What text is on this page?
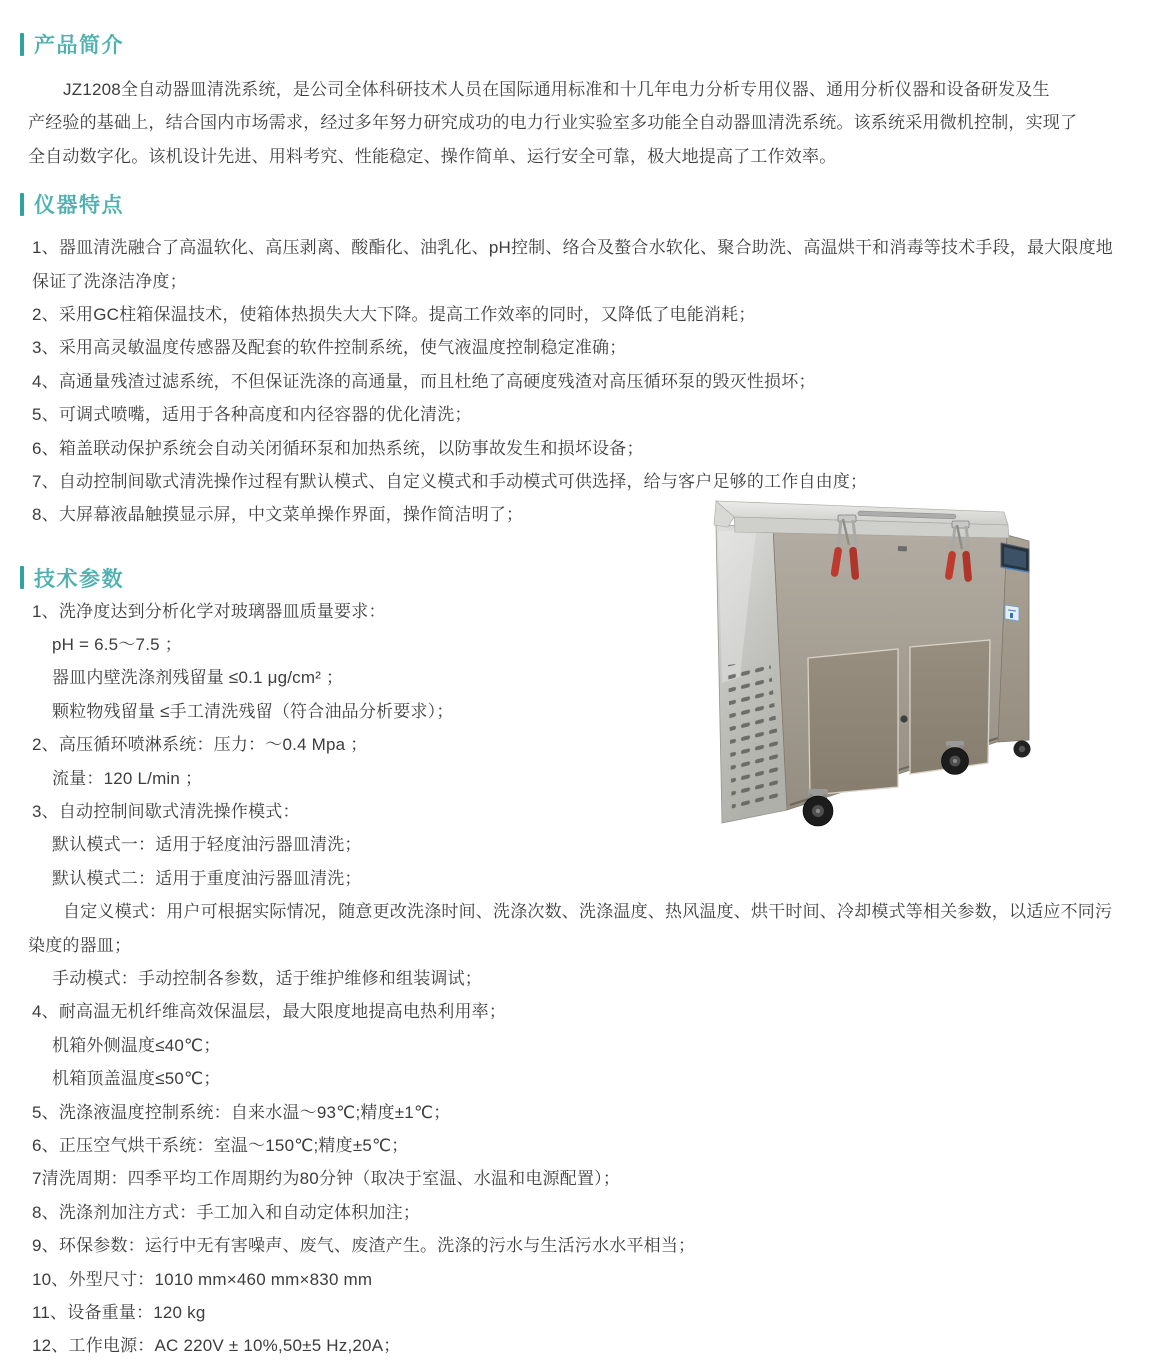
产品简介
JZ1208全自动器皿清洗系统，是公司全体科研技术人员在国际通用标准和十几年电力分析专用仪器、通用分析仪器和设备研发及生
产经验的基础上，结合国内市场需求，经过多年努力研究成功的电力行业实验室多功能全自动器皿清洗系统。该系统采用微机控制，实现了
全自动数字化。该机设计先进、用料考究、性能稳定、操作简单、运行安全可靠，极大地提高了工作效率。
仪器特点
1、器皿清洗融合了高温软化、高压剥离、酸酯化、油乳化、pH控制、络合及螯合水软化、聚合助洗、高温烘干和消毒等技术手段，最大限度地
保证了洗涤洁净度；
2、采用GC柱箱保温技术，使箱体热损失大大下降。提高工作效率的同时，又降低了电能消耗；
3、采用高灵敏温度传感器及配套的软件控制系统，使气液温度控制稳定准确；
4、高通量残渣过滤系统，不但保证洗涤的高通量，而且杜绝了高硬度残渣对高压循环泵的毁灭性损坏；
5、可调式喷嘴，适用于各种高度和内径容器的优化清洗；
6、箱盖联动保护系统会自动关闭循环泵和加热系统，以防事故发生和损坏设备；
7、自动控制间歇式清洗操作过程有默认模式、自定义模式和手动模式可供选择，给与客户足够的工作自由度；
8、大屏幕液晶触摸显示屏，中文菜单操作界面，操作简洁明了；
技术参数
1、洗净度达到分析化学对玻璃器皿质量要求：
pH = 6.5～7.5 ；
器皿内壁洗涤剂残留量 ≤0.1 μg/cm² ；
颗粒物残留量 ≤手工清洗残留（符合油品分析要求）；
2、高压循环喷淋系统：压力：～0.4 Mpa ；
流量：120 L/min ；
3、自动控制间歇式清洗操作模式：
默认模式一：适用于轻度油污器皿清洗；
默认模式二：适用于重度油污器皿清洗；
自定义模式：用户可根据实际情况，随意更改洗涤时间、洗涤次数、洗涤温度、热风温度、烘干时间、冷却模式等相关参数，以适应不同污
染度的器皿；
手动模式：手动控制各参数，适于维护维修和组装调试；
4、耐高温无机纤维高效保温层，最大限度地提高电热利用率；
机箱外侧温度≤40℃；
机箱顶盖温度≤50℃；
5、洗涤液温度控制系统：自来水温～93℃;精度±1℃；
6、正压空气烘干系统：室温～150℃;精度±5℃；
7清洗周期：四季平均工作周期约为80分钟（取决于室温、水温和电源配置）；
8、洗涤剂加注方式：手工加入和自动定体积加注；
9、环保参数：运行中无有害噪声、废气、废渣产生。洗涤的污水与生活污水水平相当；
10、外型尺寸：1010 mm×460 mm×830 mm
11、设备重量：120 kg
12、工作电源：AC 220V ± 10%,50±5 Hz,20A；
